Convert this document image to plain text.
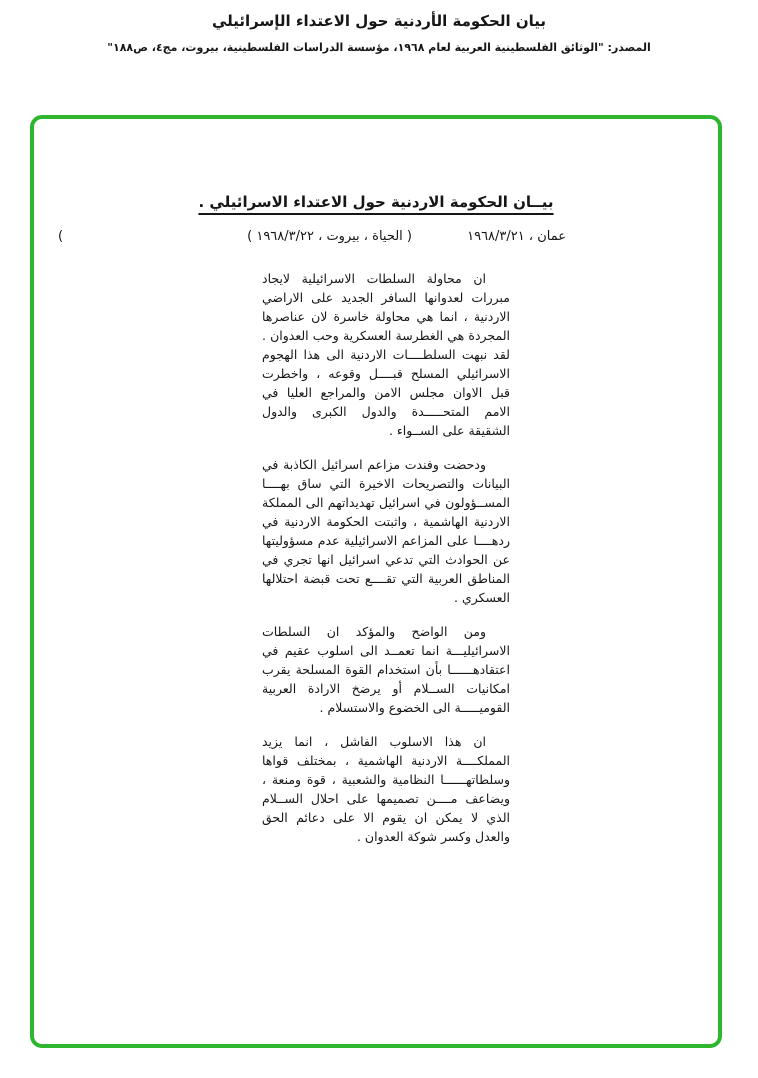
بيان الحكومة الأردنية حول الاعتداء الإسرائيلي
المصدر: "الوثائق الفلسطينية العربية لعام ١٩٦٨، مؤسسة الدراسات الفلسطينية، بيروت، مج٤، ص١٨٨"
بيــان الحكومة الاردنية حول الاعتداء الاسرائيلي .
عمان ، ١٩٦٨/٣/٢١
( الحياة ، بيروت ، ١٩٦٨/٣/٢٢ )
(

ان محاولة السلطات الاسرائيلية لايجاد مبررات لعدوانها السافر الجديد على الاراضي الاردنية ، انما هي محاولة خاسرة لان عناصرها المجردة هي الغطرسة العسكرية وحب العدوان . لقد نبهت السلطــــات الاردنية الى هذا الهجوم الاسرائيلي المسلح قبــــل وقوعه ، واخطرت قبل الاوان مجلس الامن والمراجع العليا في الامم المتحـــــدة والدول الكبرى والدول الشقيقة على الســواء .

ودحضت وفندت مزاعم اسرائيل الكاذبة في البيانات والتصريحات الاخيرة التي ساق بهــــا المســؤولون في اسرائيل تهديداتهم الى المملكة الاردنية الهاشمية ، واثبتت الحكومة الاردنية في ردهــــا على المزاعم الاسرائيلية عدم مسؤوليتها عن الحوادث التي تدعي اسرائيل انها تجري في المناطق العربية التي تقــــع تحت قبضة احتلالها العسكري .

ومن الواضح والمؤكد ان السلطات الاسرائيليـــة انما تعمــد الى اسلوب عقيم في اعتقادهــــــا بأن استخدام القوة المسلحة يقرب امكانيات الســلام أو يرضخ الارادة العربية القوميـــــة الى الخضوع والاستسلام .

ان هذا الاسلوب الفاشل ، انما يزيد المملكــــة الاردنية الهاشمية ، بمختلف قواها وسلطاتهــــــا النظامية والشعبية ، قوة ومنعة ، ويضاعف مــــن تصميمها على احلال الســلام الذي لا يمكن ان يقوم الا على دعائم الحق والعدل وكسر شوكة العدوان .
